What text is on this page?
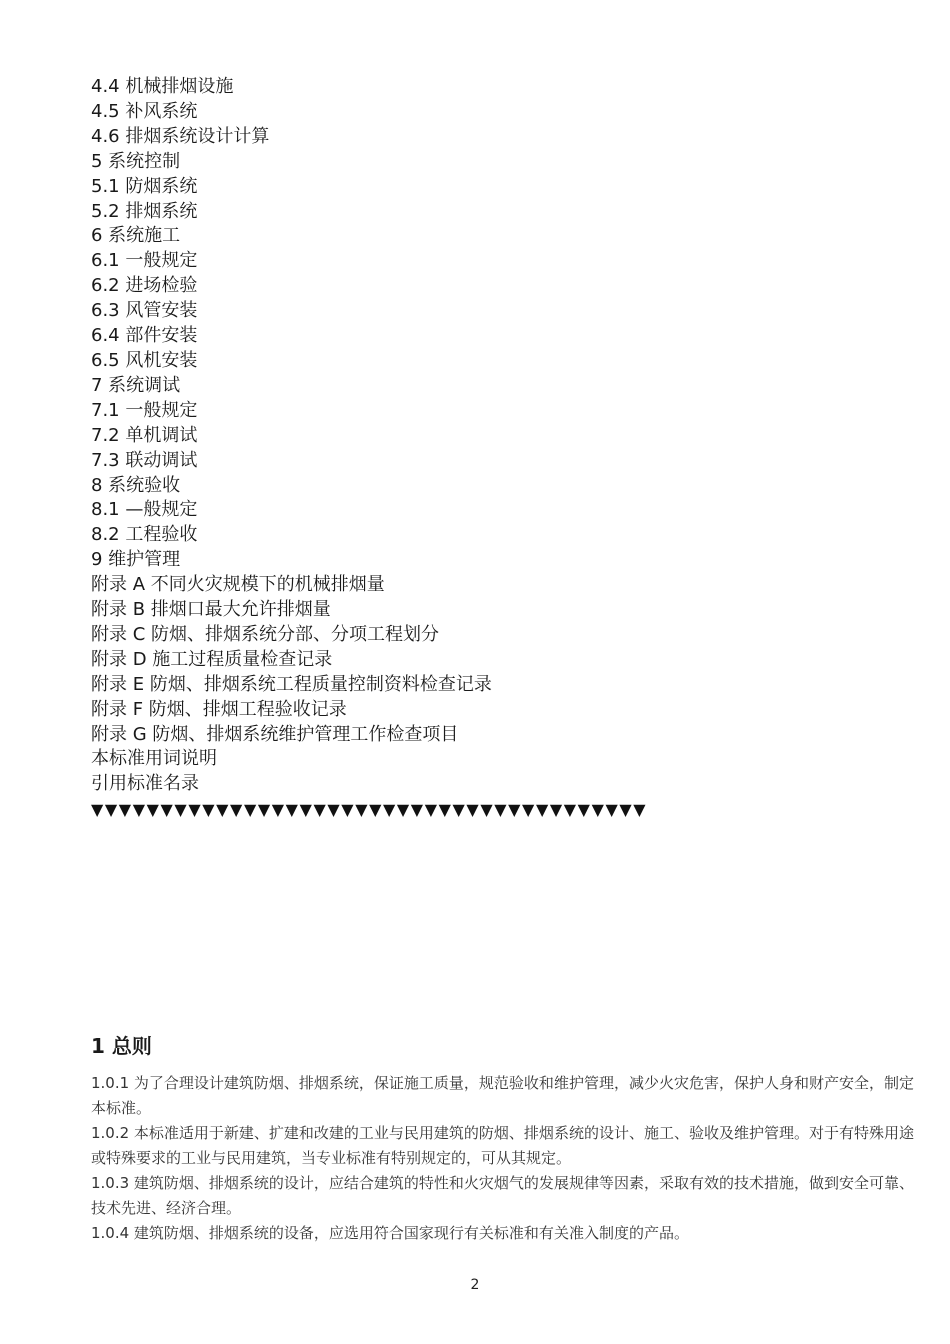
4.4 机械排烟设施
4.5 补风系统
4.6 排烟系统设计计算
5 系统控制
5.1 防烟系统
5.2 排烟系统
6 系统施工
6.1 一般规定
6.2 进场检验
6.3 风管安装
6.4 部件安装
6.5 风机安装
7 系统调试
7.1 一般规定
7.2 单机调试
7.3 联动调试
8 系统验收
8.1 —般规定
8.2 工程验收
9 维护管理
附录 A 不同火灾规模下的机械排烟量
附录 B 排烟口最大允许排烟量
附录 C 防烟、排烟系统分部、分项工程划分
附录 D 施工过程质量检查记录
附录 E 防烟、排烟系统工程质量控制资料检查记录
附录 F 防烟、排烟工程验收记录
附录 G 防烟、排烟系统维护管理工作检查项目
本标准用词说明
引用标准名录
▼▼▼▼▼▼▼▼▼▼▼▼▼▼▼▼▼▼▼▼▼▼▼▼▼▼▼▼▼▼▼▼▼▼▼▼▼▼▼▼
1 总则

1.0.1 为了合理设计建筑防烟、排烟系统，保证施工质量，规范验收和维护管理，减少火灾危害，保护人身和财产安全，制定本标准。

1.0.2 本标准适用于新建、扩建和改建的工业与民用建筑的防烟、排烟系统的设计、施工、验收及维护管理。对于有特殊用途或特殊要求的工业与民用建筑，当专业标准有特别规定的，可从其规定。

1.0.3 建筑防烟、排烟系统的设计，应结合建筑的特性和火灾烟气的发展规律等因素，采取有效的技术措施，做到安全可靠、技术先进、经济合理。

1.0.4 建筑防烟、排烟系统的设备，应选用符合国家现行有关标准和有关准入制度的产品。

2
